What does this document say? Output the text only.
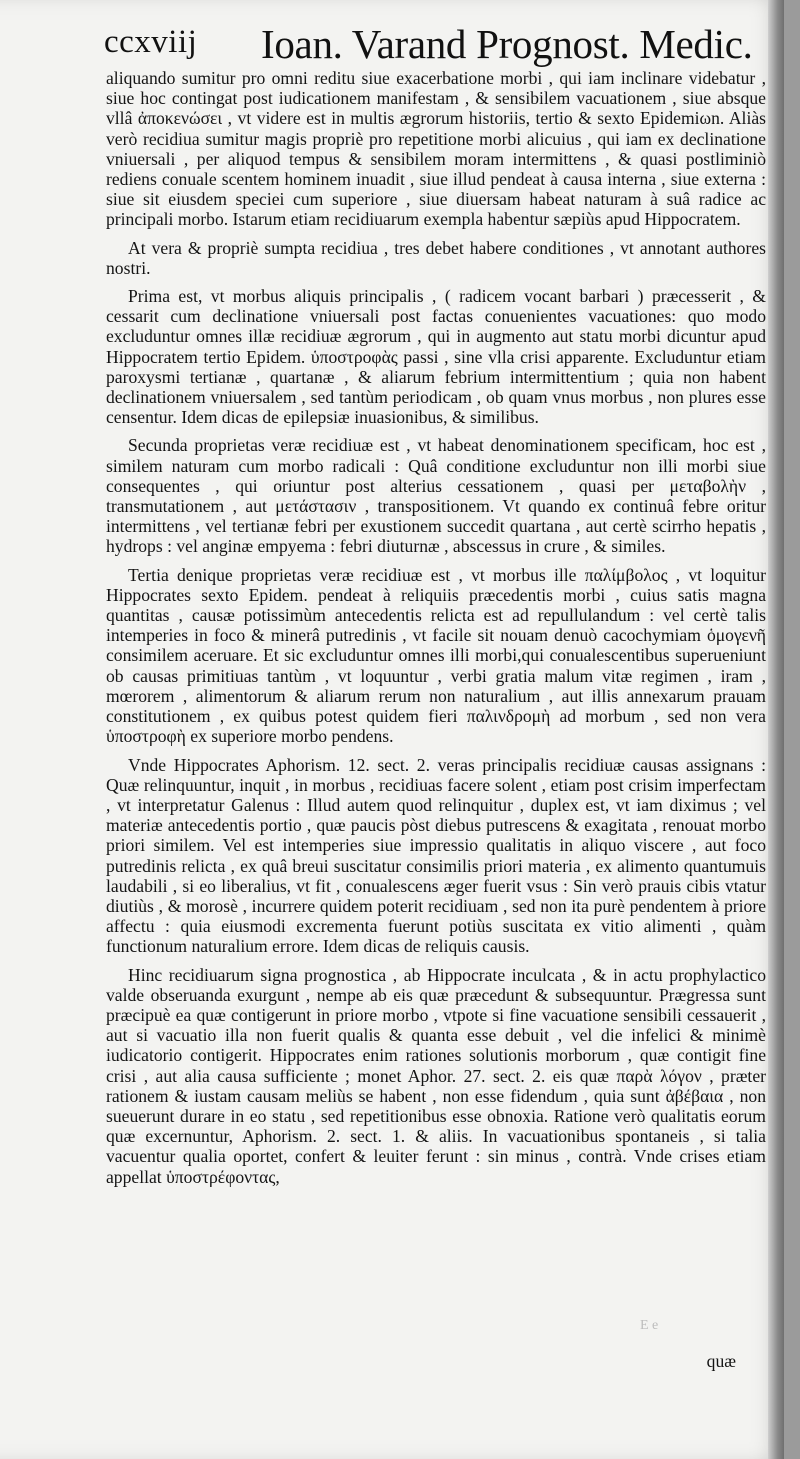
ccxviij Ioan. Varand Prognost. Medic.

aliquando sumitur pro omni reditu siue exacerbatione morbi , qui iam inclinare videbatur , siue hoc contingat post iudicationem manifestam , & sensibilem vacuationem , siue absque vllâ ἀποκενώσει , vt videre est in multis ægrorum historiis, tertio & sexto Epidemiωn. Aliàs verò recidiua sumitur magis propriè pro repetitione morbi alicuius , qui iam ex declinatione vniuersali , per aliquod tempus & sensibilem moram intermittens , & quasi postliminiò rediens conuale scentem hominem inuadit , siue illud pendeat à causa interna , siue externa : siue sit eiusdem speciei cum superiore , siue diuersam habeat naturam à suâ radice ac principali morbo. Istarum etiam recidiuarum exempla habentur sæpiùs apud Hippocratem.

At vera & propriè sumpta recidiua , tres debet habere conditiones , vt annotant authores nostri.

Prima est, vt morbus aliquis principalis , ( radicem vocant barbari ) præcesserit , & cessarit cum declinatione vniuersali post factas conuenientes vacuationes: quo modo excluduntur omnes illæ recidiuæ ægrorum , qui in augmento aut statu morbi dicuntur apud Hippocratem tertio Epidem. ὑποστροφὰς passi , sine vlla crisi apparente. Excluduntur etiam paroxysmi tertianæ , quartanæ , & aliarum febrium intermittentium ; quia non habent declinationem vniuersalem , sed tantùm periodicam , ob quam vnus morbus , non plures esse censentur. Idem dicas de epilepsiæ inuasionibus, & similibus.

Secunda proprietas veræ recidiuæ est , vt habeat denominationem specificam, hoc est , similem naturam cum morbo radicali : Quâ conditione excluduntur non illi morbi siue consequentes , qui oriuntur post alterius cessationem , quasi per μεταβολὴν , transmutationem , aut μετάστασιν , transpositionem. Vt quando ex continuâ febre oritur intermittens , vel tertianæ febri per exustionem succedit quartana , aut certè scirrho hepatis , hydrops : vel anginæ empyema : febri diuturnæ , abscessus in crure , & similes.

Tertia denique proprietas veræ recidiuæ est , vt morbus ille παλίμβολος , vt loquitur Hippocrates sexto Epidem. pendeat à reliquiis præcedentis morbi , cuius satis magna quantitas , causæ potissimùm antecedentis relicta est ad repullulandum : vel certè talis intemperies in foco & minerâ putredinis , vt facile sit nouam denuò cacochymiam ὁμογενῆ consimilem aceruare. Et sic excluduntur omnes illi morbi,qui conualescentibus superueniunt ob causas primitiuas tantùm , vt loquuntur , verbi gratia malum vitæ regimen , iram , mœrorem , alimentorum & aliarum rerum non naturalium , aut illis annexarum prauam constitutionem , ex quibus potest quidem fieri παλινδρομὴ ad morbum , sed non vera ὑποστροφὴ ex superiore morbo pendens.

Vnde Hippocrates Aphorism. 12. sect. 2. veras principalis recidiuæ causas assignans : Quæ relinquuntur, inquit , in morbus , recidiuas facere solent , etiam post crisim imperfectam , vt interpretatur Galenus : Illud autem quod relinquitur , duplex est, vt iam diximus ; vel materiæ antecedentis portio , quæ paucis pòst diebus putrescens & exagitata , renouat morbo priori similem. Vel est intemperies siue impressio qualitatis in aliquo viscere , aut foco putredinis relicta , ex quâ breui suscitatur consimilis priori materia , ex alimento quantumuis laudabili , si eo liberalius, vt fit , conualescens æger fuerit vsus : Sin verò prauis cibis vtatur diutiùs , & morosè , incurrere quidem poterit recidiuam , sed non ita purè pendentem à priore affectu : quia eiusmodi excrementa fuerunt potiùs suscitata ex vitio alimenti , quàm functionum naturalium errore. Idem dicas de reliquis causis.

Hinc recidiuarum signa prognostica , ab Hippocrate inculcata , & in actu prophylactico valde obseruanda exurgunt , nempe ab eis quæ præcedunt & subsequuntur. Prægressa sunt præcipuè ea quæ contigerunt in priore morbo , vtpote si fine vacuatione sensibili cessauerit , aut si vacuatio illa non fuerit qualis & quanta esse debuit , vel die infelici & minimè iudicatorio contigerit. Hippocrates enim rationes solutionis morborum , quæ contigit fine crisi , aut alia causa sufficiente ; monet Aphor. 27. sect. 2. eis quæ παρὰ λόγον , præter rationem & iustam causam meliùs se habent , non esse fidendum , quia sunt ἀβέβαια , non sueuerunt durare in eo statu , sed repetitionibus esse obnoxia. Ratione verò qualitatis eorum quæ excernuntur, Aphorism. 2. sect. 1. & aliis. In vacuationibus spontaneis , si talia vacuentur qualia oportet, confert & leuiter ferunt : sin minus , contrà. Vnde crises etiam appellat ὑποστρέφοντας,

E e
quæ
